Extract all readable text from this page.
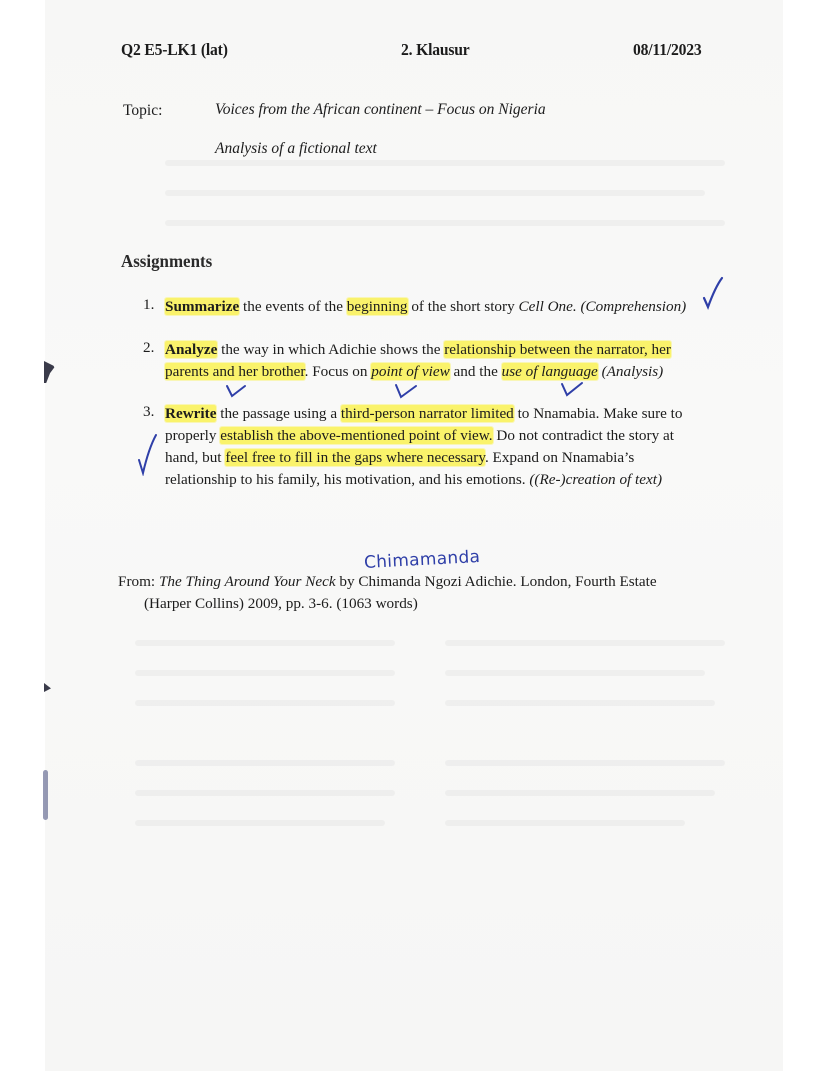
Q2 E5-LK1 (lat)	2. Klausur	08/11/2023
Topic:	Voices from the African continent – Focus on Nigeria
Analysis of a fictional text
Assignments
1. Summarize the events of the beginning of the short story Cell One. (Comprehension)
2. Analyze the way in which Adichie shows the relationship between the narrator, her
parents and her brother. Focus on point of view and the use of language (Analysis)
3. Rewrite the passage using a third-person narrator limited to Nnamabia. Make sure to
properly establish the above-mentioned point of view. Do not contradict the story at
hand, but feel free to fill in the gaps where necessary. Expand on Nnamabia’s
relationship to his family, his motivation, and his emotions. ((Re-)creation of text)
From: The Thing Around Your Neck by Chimanda Ngozi Adichie. London, Fourth Estate
(Harper Collins) 2009, pp. 3-6. (1063 words)
Chimamanda
